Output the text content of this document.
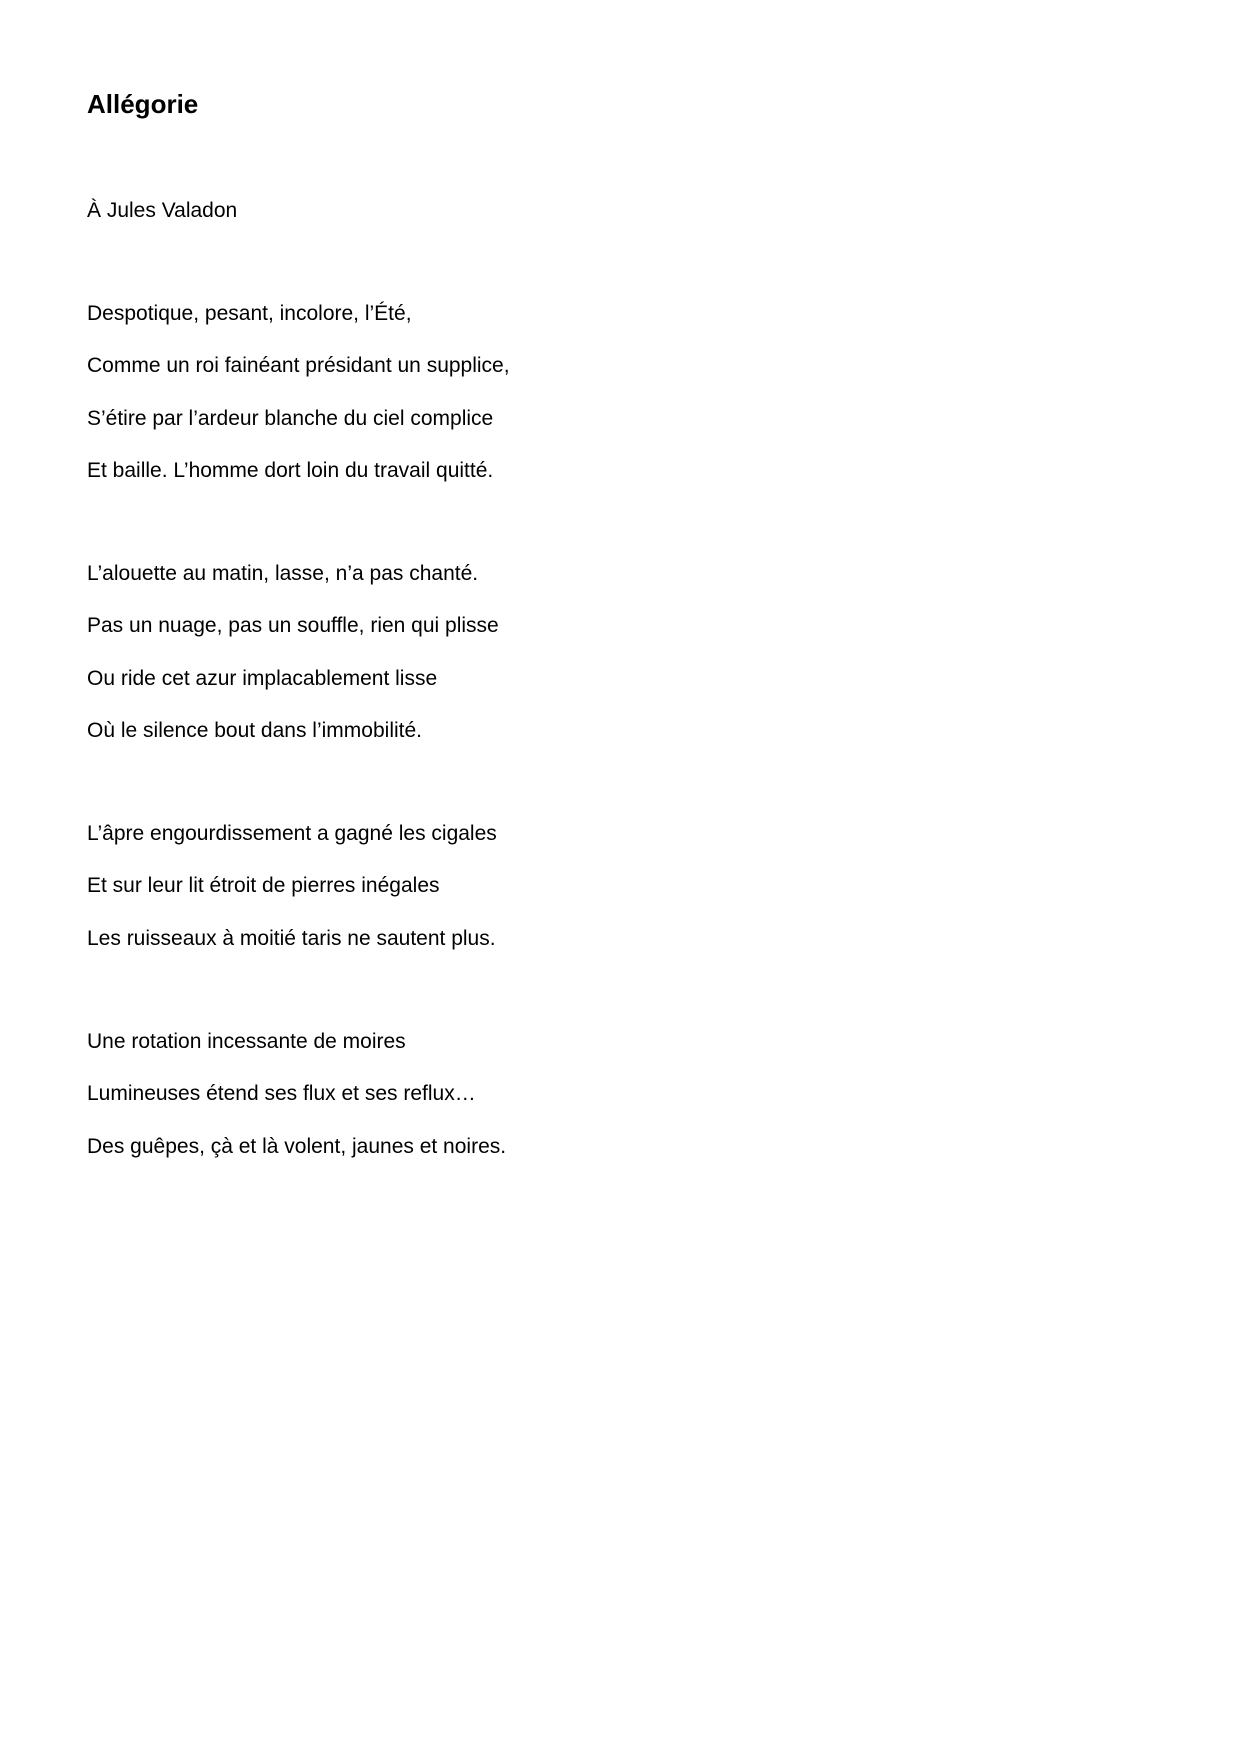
Allégorie

À Jules Valadon

Despotique, pesant, incolore, l’Été,
Comme un roi fainéant présidant un supplice,
S’étire par l’ardeur blanche du ciel complice
Et baille. L’homme dort loin du travail quitté.
L’alouette au matin, lasse, n’a pas chanté.
Pas un nuage, pas un souffle, rien qui plisse
Ou ride cet azur implacablement lisse
Où le silence bout dans l’immobilité.
L’âpre engourdissement a gagné les cigales
Et sur leur lit étroit de pierres inégales
Les ruisseaux à moitié taris ne sautent plus.
Une rotation incessante de moires
Lumineuses étend ses flux et ses reflux…
Des guêpes, çà et là volent, jaunes et noires.
